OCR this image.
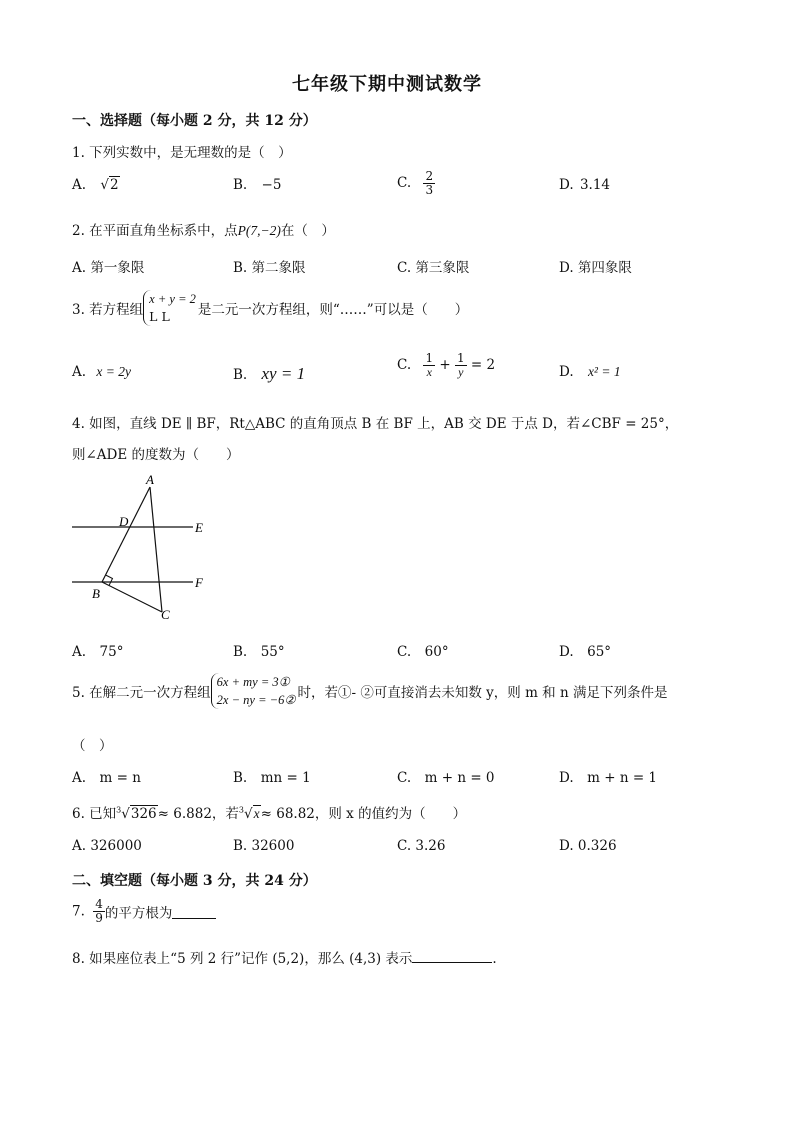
七年级下期中测试数学
一、选择题（每小题 2 分，共 12 分）
1. 下列实数中，是无理数的是（　）
A. √2	B. −5	C. $\frac{2}{3}$	D. 3.14
2. 在平面直角坐标系中，点P(7,−2)在（　）
A. 第一象限	B. 第二象限	C. 第三象限	D. 第四象限
3. 若方程组
x + y = 2
L L	是二元一次方程组，则“……”可以是（　　）
A. x = 2y	B. xy = 1	C. $\frac{1}{x} + \frac{1}{y} = 2$	D. x² = 1
4. 如图，直线 DE ∥ BF，Rt△ABC 的直角顶点 B 在 BF 上，AB 交 DE 于点 D，若∠CBF = 25°，
则∠ADE 的度数为（　　）
A
D	E
F
B
C
A.　75°	B.　55°	C.　60°	D.　65°
5. 在解二元一次方程组
6x + my = 3①
2x − ny = −6② 时，若①- ②可直接消去未知数 y，则 m 和 n 满足下列条件是
（　）
A.　m = n	B.　mn = 1	C.　m + n = 0	D.　m + n = 1
6. 已知$^3$√326≈ 6.882，若$^3$√x≈ 68.82，则 x 的值约为（　　）
A. 326000	B. 32600	C. 3.26	D. 0.326
二、填空题（每小题 3 分，共 24 分）
7. $\frac{4}{9}$ 的平方根为
8. 如果座位表上“5 列 2 行”记作 (5,2)，那么 (4,3) 表示	.
